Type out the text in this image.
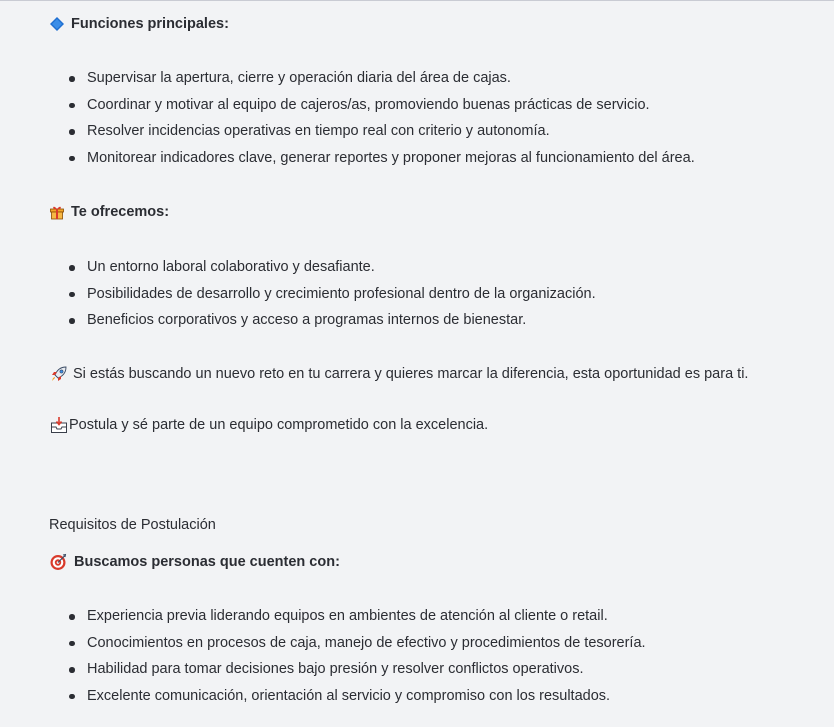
Funciones principales:
Supervisar la apertura, cierre y operación diaria del área de cajas.
Coordinar y motivar al equipo de cajeros/as, promoviendo buenas prácticas de servicio.
Resolver incidencias operativas en tiempo real con criterio y autonomía.
Monitorear indicadores clave, generar reportes y proponer mejoras al funcionamiento del área.
Te ofrecemos:
Un entorno laboral colaborativo y desafiante.
Posibilidades de desarrollo y crecimiento profesional dentro de la organización.
Beneficios corporativos y acceso a programas internos de bienestar.
Si estás buscando un nuevo reto en tu carrera y quieres marcar la diferencia, esta oportunidad es para ti.
Postula y sé parte de un equipo comprometido con la excelencia.
Requisitos de Postulación
Buscamos personas que cuenten con:
Experiencia previa liderando equipos en ambientes de atención al cliente o retail.
Conocimientos en procesos de caja, manejo de efectivo y procedimientos de tesorería.
Habilidad para tomar decisiones bajo presión y resolver conflictos operativos.
Excelente comunicación, orientación al servicio y compromiso con los resultados.
